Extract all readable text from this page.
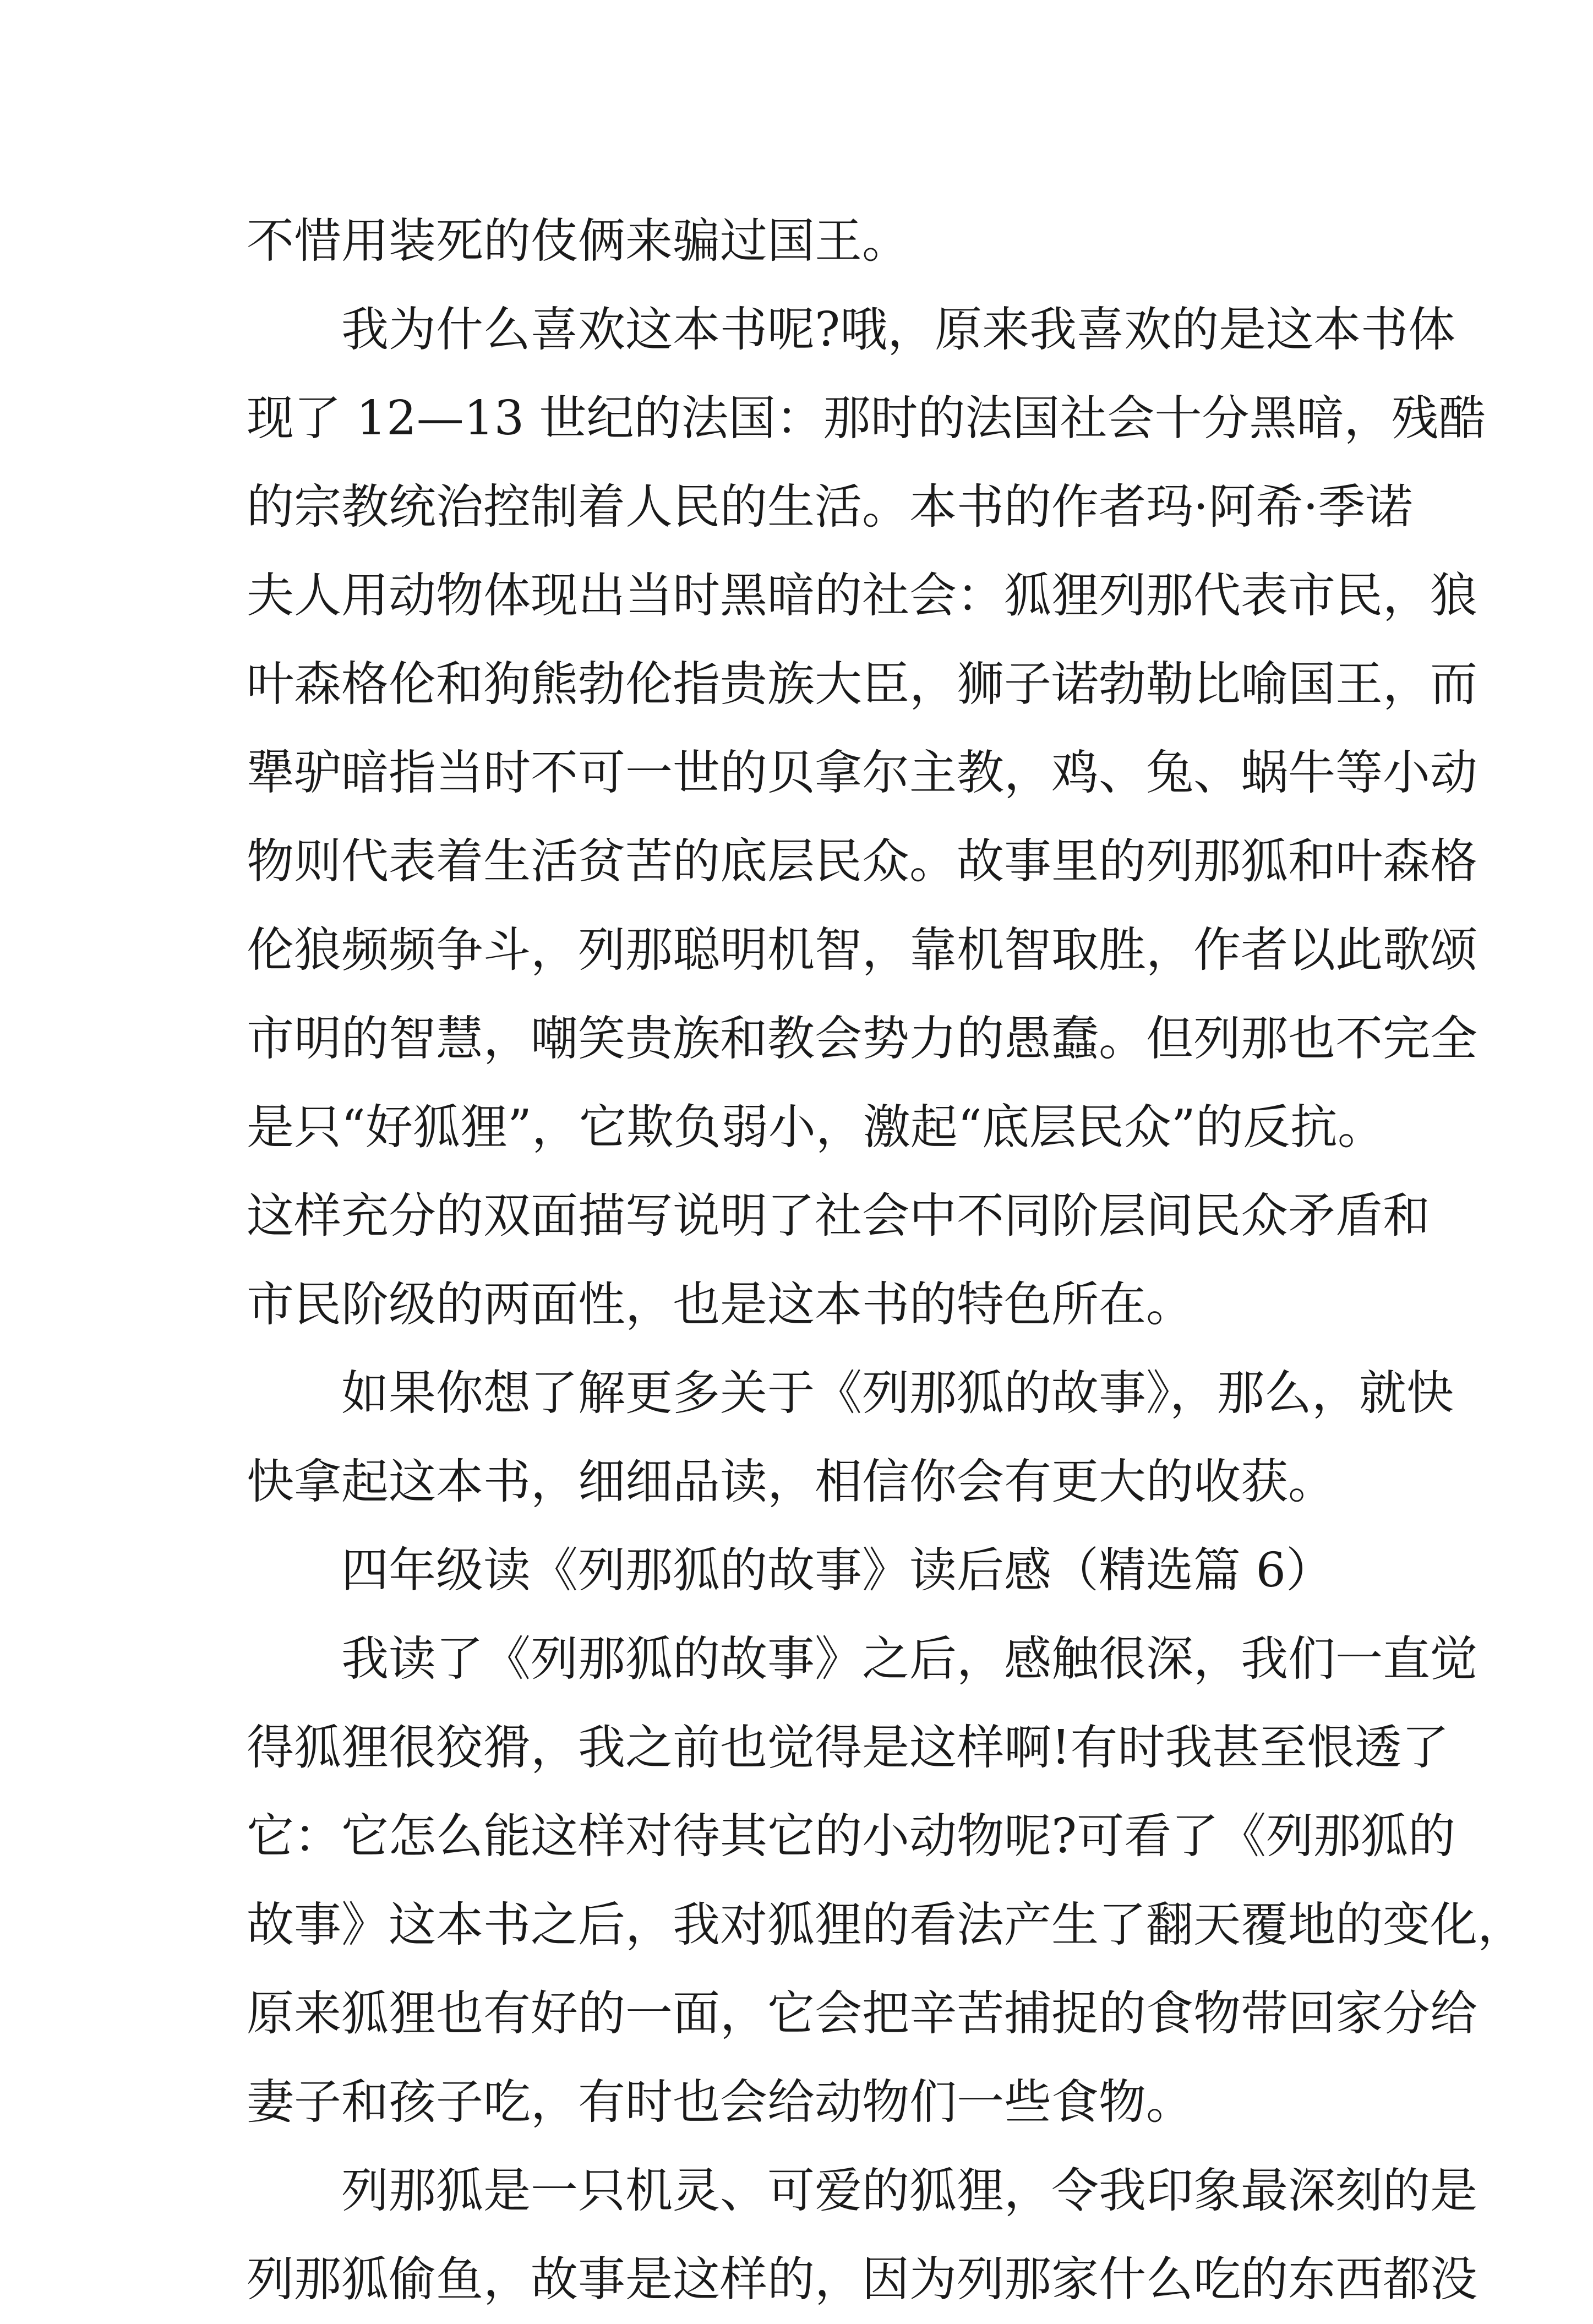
不惜用装死的伎俩来骗过国王。
我为什么喜欢这本书呢?哦，原来我喜欢的是这本书体
现了 12—13 世纪的法国：那时的法国社会十分黑暗，残酷
的宗教统治控制着人民的生活。本书的作者玛·阿希·季诺
夫人用动物体现出当时黑暗的社会：狐狸列那代表市民，狼
叶森格伦和狗熊勃伦指贵族大臣，狮子诺勃勒比喻国王，而
犟驴暗指当时不可一世的贝拿尔主教，鸡、兔、蜗牛等小动
物则代表着生活贫苦的底层民众。故事里的列那狐和叶森格
伦狼频频争斗，列那聪明机智，靠机智取胜，作者以此歌颂
市明的智慧，嘲笑贵族和教会势力的愚蠢。但列那也不完全
是只“好狐狸”，它欺负弱小，激起“底层民众”的反抗。
这样充分的双面描写说明了社会中不同阶层间民众矛盾和
市民阶级的两面性，也是这本书的特色所在。
如果你想了解更多关于《列那狐的故事》，那么，就快
快拿起这本书，细细品读，相信你会有更大的收获。
四年级读《列那狐的故事》读后感（精选篇 6）
我读了《列那狐的故事》之后，感触很深，我们一直觉
得狐狸很狡猾，我之前也觉得是这样啊!有时我甚至恨透了
它：它怎么能这样对待其它的小动物呢?可看了《列那狐的
故事》这本书之后，我对狐狸的看法产生了翻天覆地的变化，
原来狐狸也有好的一面，它会把辛苦捕捉的食物带回家分给
妻子和孩子吃，有时也会给动物们一些食物。
列那狐是一只机灵、可爱的狐狸，令我印象最深刻的是
列那狐偷鱼，故事是这样的，因为列那家什么吃的东西都没
